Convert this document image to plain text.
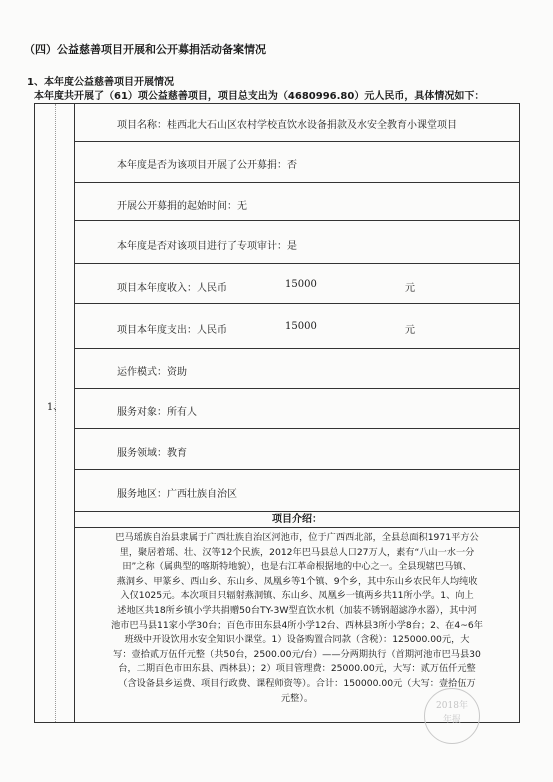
（四）公益慈善项目开展和公开募捐活动备案情况
1、本年度公益慈善项目开展情况
本年度共开展了（61）项公益慈善项目，项目总支出为（4680996.80）元人民币，具体情况如下：
1、
项目名称：桂西北大石山区农村学校直饮水设备捐款及水安全教育小课堂项目
本年度是否为该项目开展了公开募捐：否
开展公开募捐的起始时间：无
本年度是否对该项目进行了专项审计：是
项目本年度收入：人民币	15000	元
项目本年度支出：人民币	15000	元
运作模式：资助
服务对象：所有人
服务领域：教育
服务地区：广西壮族自治区
项目介绍：

巴马瑶族自治县隶属于广西壮族自治区河池市，位于广西西北部，全县总面积1971平方公

里，聚居着瑶、壮、汉等12个民族，2012年巴马县总人口27万人，素有“八山一水一分

田”之称（属典型的喀斯特地貌），也是右江革命根据地的中心之一。全县现辖巴马镇、

燕洞乡、甲篆乡、西山乡、东山乡、凤凰乡等1个镇、9个乡，其中东山乡农民年人均纯收

入仅1025元。本次项目只辐射燕洞镇、东山乡、凤凰乡一镇两乡共11所小学。1、向上

述地区共18所乡镇小学共捐赠50台TY-3W型直饮水机（加装不锈钢超滤净水器），其中河

池市巴马县11家小学30台；百色市田东县4所小学12台、西林县3所小学8台；2、在4~6年

班级中开设饮用水安全知识小课堂。1）设备购置合同款（含税）：125000.00元，大

写：壹拾贰万伍仟元整（共50台，2500.00元/台）——分两期执行（首期河池市巴马县30

台，二期百色市田东县、西林县）；2）项目管理费：25000.00元，大写：贰万伍仟元整

（含设备县乡运费、项目行政费、课程师资等）。合计：150000.00元（大写：壹拾伍万

元整）。

2018年
年报
